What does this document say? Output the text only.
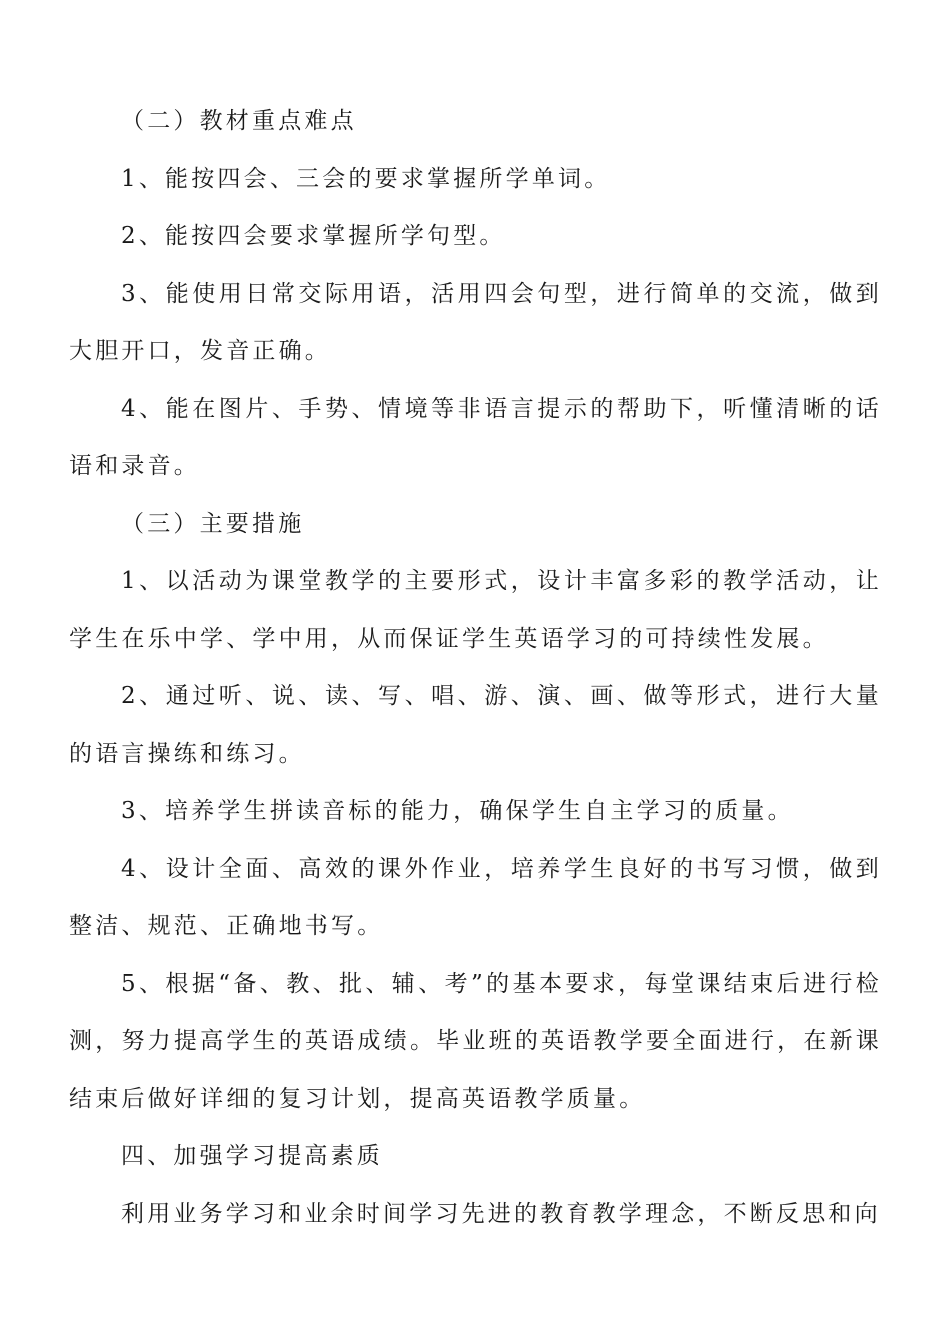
（二）教材重点难点

1、能按四会、三会的要求掌握所学单词。

2、能按四会要求掌握所学句型。

3、能使用日常交际用语，活用四会句型，进行简单的交流，做到大胆开口，发音正确。

4、能在图片、手势、情境等非语言提示的帮助下，听懂清晰的话语和录音。

（三）主要措施

1、以活动为课堂教学的主要形式，设计丰富多彩的教学活动，让学生在乐中学、学中用，从而保证学生英语学习的可持续性发展。

2、通过听、说、读、写、唱、游、演、画、做等形式，进行大量的语言操练和练习。

3、培养学生拼读音标的能力，确保学生自主学习的质量。

4、设计全面、高效的课外作业，培养学生良好的书写习惯，做到整洁、规范、正确地书写。

5、根据“备、教、批、辅、考”的基本要求，每堂课结束后进行检测，努力提高学生的英语成绩。毕业班的英语教学要全面进行，在新课结束后做好详细的复习计划，提高英语教学质量。

四、加强学习提高素质

利用业务学习和业余时间学习先进的教育教学理念，不断反思和向
